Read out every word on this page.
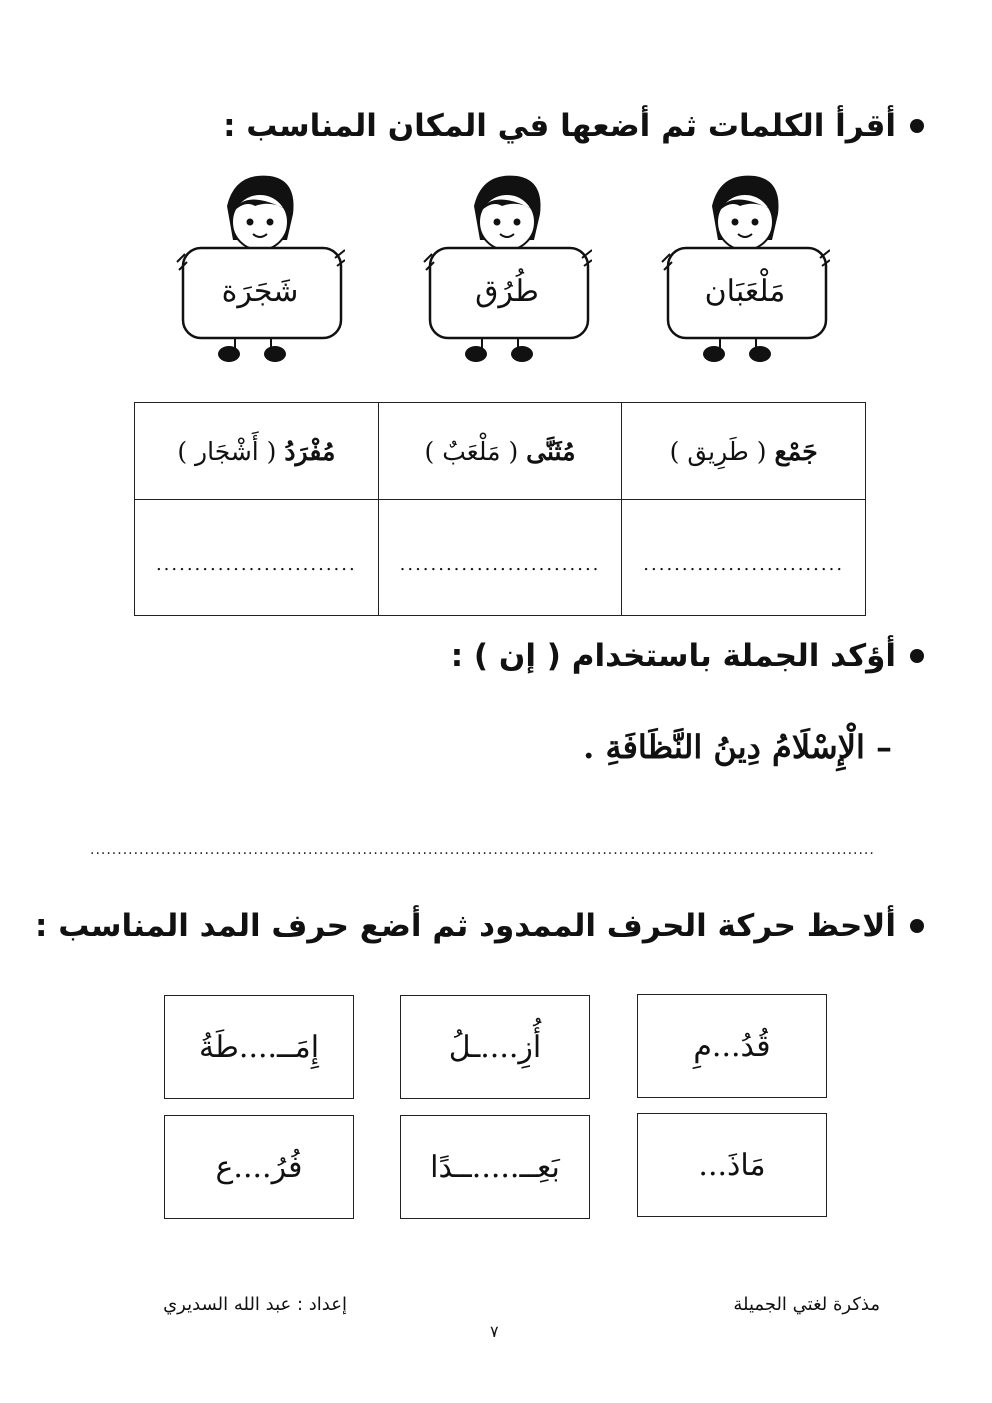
أقرأ الكلمات ثم أضعها في المكان المناسب :
مَلْعَبَان
طُرُق
شَجَرَة
جَمْع ( طَرِيق )	مُثَنَّى ( مَلْعَبٌ )	مُفْرَدُ ( أَشْجَار )
..........................	..........................	..........................
أؤكد الجملة باستخدام ( إن ) :
– الْإِسْلَامُ دِينُ النَّظَافَةِ .
................................................................................................................................................
ألاحظ حركة الحرف الممدود ثم أضع حرف المد المناسب :
قُدُ...مِ
أُزِ....ـلُ
إِمَــ....طَةُ
مَاذَ...
بَعِــ.....ــدًا
فُرُ....ع
مذكرة لغتي الجميلة
إعداد : عبد الله السديري
٧
